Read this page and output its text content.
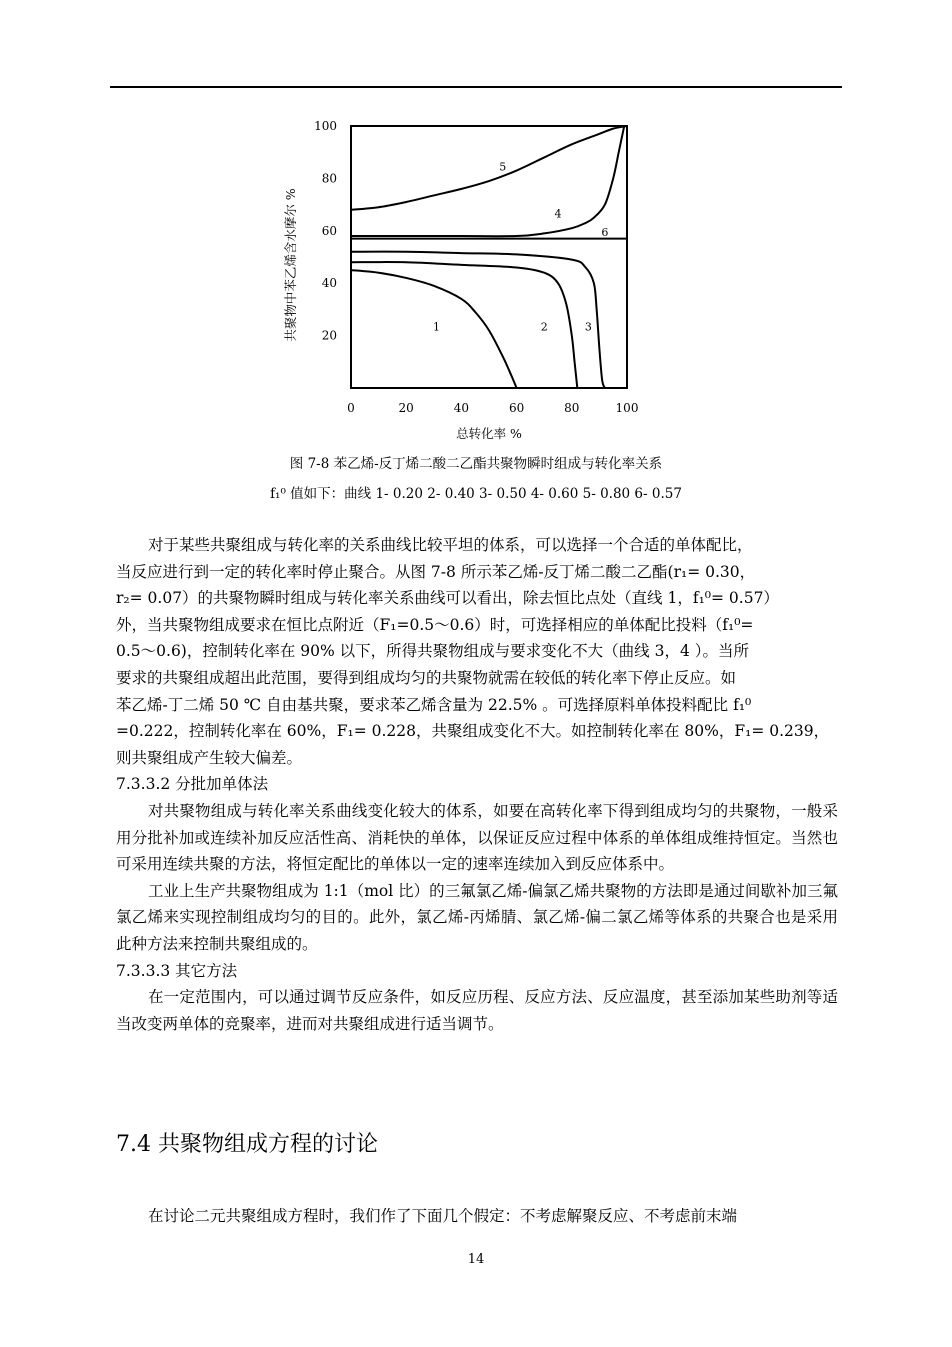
0	20	40	60	80	100
20
40
60
80
100
总转化率 %
共聚物中苯乙烯含水摩尔 %	1	2	3
4
5
6
图 7-8 苯乙烯-反丁烯二酸二乙酯共聚物瞬时组成与转化率关系
f₁⁰ 值如下：曲线 1- 0.20 2- 0.40 3- 0.50 4- 0.60 5- 0.80 6- 0.57

对于某些共聚组成与转化率的关系曲线比较平坦的体系，可以选择一个合适的单体配比，

当反应进行到一定的转化率时停止聚合。从图 7-8 所示苯乙烯-反丁烯二酸二乙酯(r₁= 0.30，

r₂= 0.07）的共聚物瞬时组成与转化率关系曲线可以看出，除去恒比点处（直线 1，f₁⁰= 0.57）

外，当共聚物组成要求在恒比点附近（F₁=0.5～0.6）时，可选择相应的单体配比投料（f₁⁰=

0.5～0.6)，控制转化率在 90% 以下，所得共聚物组成与要求变化不大（曲线 3，4 ）。当所

要求的共聚组成超出此范围，要得到组成均匀的共聚物就需在较低的转化率下停止反应。如

苯乙烯-丁二烯 50 ℃ 自由基共聚，要求苯乙烯含量为 22.5% 。可选择原料单体投料配比 f₁⁰

=0.222，控制转化率在 60%，F₁= 0.228，共聚组成变化不大。如控制转化率在 80%，F₁= 0.239，

则共聚组成产生较大偏差。

7.3.3.2 分批加单体法

对共聚物组成与转化率关系曲线变化较大的体系，如要在高转化率下得到组成均匀的共聚物，一般采用分批补加或连续补加反应活性高、消耗快的单体，以保证反应过程中体系的单体组成维持恒定。当然也可采用连续共聚的方法，将恒定配比的单体以一定的速率连续加入到反应体系中。

工业上生产共聚物组成为 1:1（mol 比）的三氟氯乙烯-偏氯乙烯共聚物的方法即是通过间歇补加三氟氯乙烯来实现控制组成均匀的目的。此外，氯乙烯-丙烯腈、氯乙烯-偏二氯乙烯等体系的共聚合也是采用此种方法来控制共聚组成的。

7.3.3.3 其它方法

在一定范围内，可以通过调节反应条件，如反应历程、反应方法、反应温度，甚至添加某些助剂等适当改变两单体的竞聚率，进而对共聚组成进行适当调节。

7.4 共聚物组成方程的讨论

在讨论二元共聚组成方程时，我们作了下面几个假定：不考虑解聚反应、不考虑前末端

14
